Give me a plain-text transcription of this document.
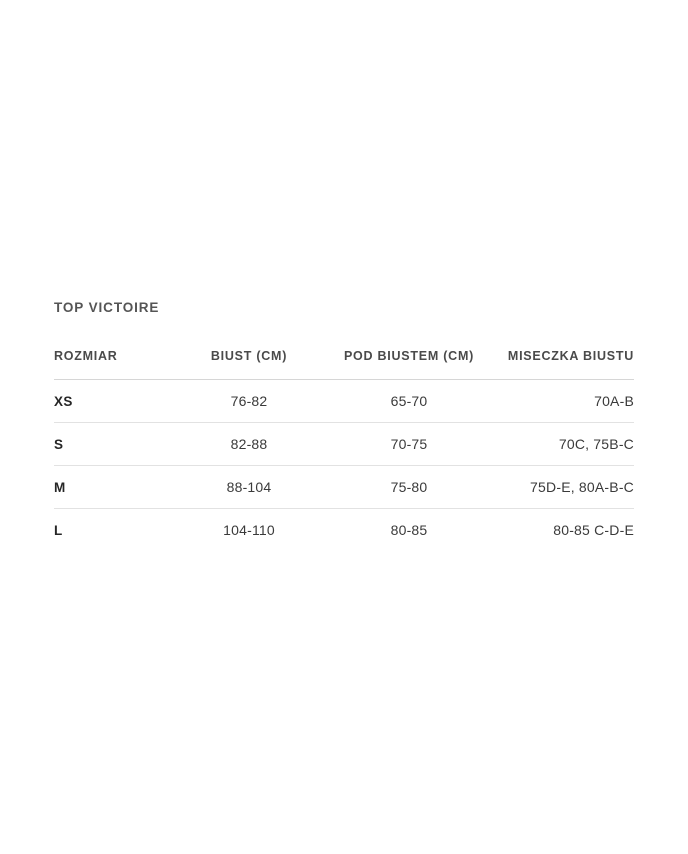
TOP VICTOIRE
ROZMIAR	BIUST (CM)	POD BIUSTEM (CM)	MISECZKA BIUSTU
XS	76-82	65-70	70A-B
S	82-88	70-75	70C, 75B-C
M	88-104	75-80	75D-E, 80A-B-C
L	104-110	80-85	80-85 C-D-E
